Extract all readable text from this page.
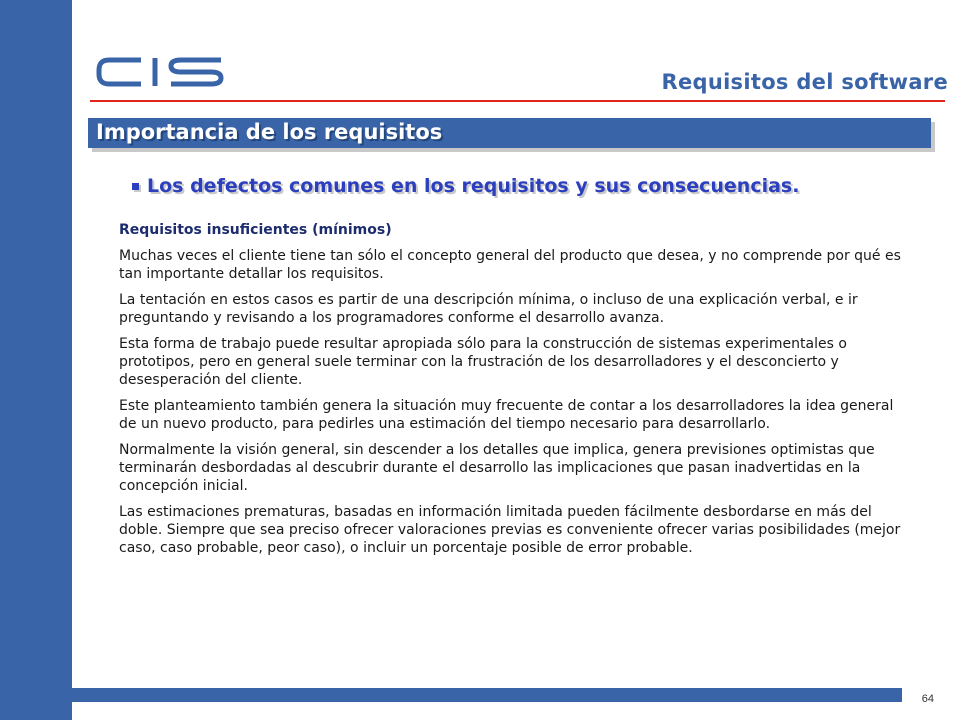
Requisitos del software
Importancia de los requisitos
Los defectos comunes en los requisitos y sus consecuencias.

Requisitos insuficientes (mínimos)

Muchas veces el cliente tiene tan sólo el concepto general del producto que desea, y no comprende por qué es tan importante detallar los requisitos.

La tentación en estos casos es partir de una descripción mínima, o incluso de una explicación verbal, e ir preguntando y revisando a los programadores conforme el desarrollo avanza.

Esta forma de trabajo puede resultar apropiada sólo para la construcción de sistemas experimentales o prototipos, pero en general suele terminar con la frustración de los desarrolladores y el desconcierto y desesperación del cliente.

Este planteamiento también genera la situación muy frecuente de contar a los desarrolladores la idea general de un nuevo producto, para pedirles una estimación del tiempo necesario para desarrollarlo.

Normalmente la visión general, sin descender a los detalles que implica, genera previsiones optimistas que terminarán desbordadas al descubrir durante el desarrollo las implicaciones que pasan inadvertidas en la concepción inicial.

Las estimaciones prematuras, basadas en información limitada pueden fácilmente desbordarse en más del doble. Siempre que sea preciso ofrecer valoraciones previas es conveniente ofrecer varias posibilidades (mejor caso, caso probable, peor caso), o incluir un porcentaje posible de error probable.

64
